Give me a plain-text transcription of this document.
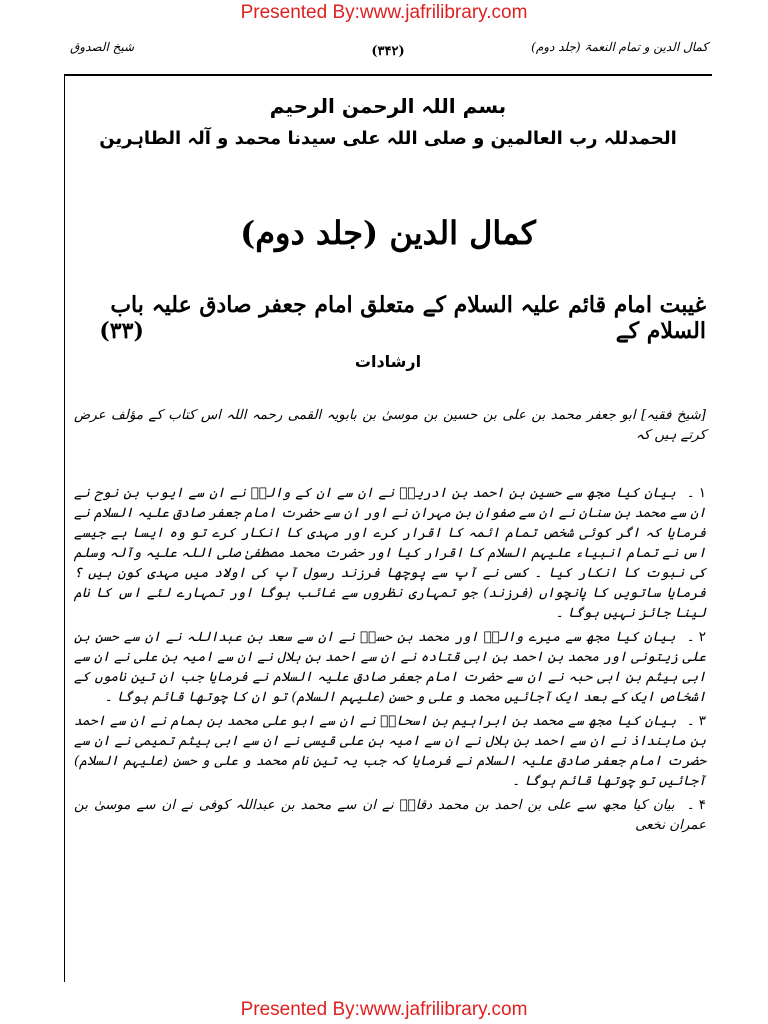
Presented By:www.jafrilibrary.com
کمال الدین و تمام النعمۃ (جلد دوم)
(۳۴۲)
شیخ الصدوق
بسم اللہ الرحمن الرحیم
الحمدللہ رب العالمین و صلی اللہ علی سیدنا محمد و آلہ الطاہرین
کمال الدین (جلد دوم)
غیبت امام قائم علیہ السلام کے متعلق امام جعفر صادق علیہ السلام کے
باب (۳۳)
ارشادات
[شیخ فقیہ] ابو جعفر محمد بن علی بن حسین بن موسیٰ بن بابویہ القمی رحمہ اللہ اس کتاب کے مؤلف عرض کرتے ہیں کہ
۱ ۔ بیان کیا مجھ سے حسین بن احمد بن ادریسؒ نے ان سے ان کے والدؒ نے ان سے ایوب بن نوح نے ان سے محمد بن سنان نے ان سے صفوان بن مہران نے اور ان سے حضرت امام جعفر صادق علیہ السلام نے فرمایا کہ اگر کوئی شخص تمام ائمہ کا اقرار کرے اور مہدی کا انکار کرے تو وہ ایسا ہے جیسے اس نے تمام انبیاء علیہم السلام کا اقرار کیا اور حضرت محمد مصطفیٰ صلی اللہ علیہ وآلہ وسلم کی نبوت کا انکار کیا ۔ کسی نے آپ سے پوچھا فرزند رسول آپ کی اولاد میں مہدی کون ہیں ؟ فرمایا ساتویں کا پانچواں (فرزند) جو تمہاری نظروں سے غائب ہوگا اور تمہارے لئے اس کا نام لینا جائز نہیں ہوگا ۔
۲ ۔ بیان کیا مجھ سے میرے والدؒ اور محمد بن حسنؒ نے ان سے سعد بن عبداللہ نے ان سے حسن بن علی زیتونی اور محمد بن احمد بن ابی قتادہ نے ان سے احمد بن ہلال نے ان سے امیہ بن علی نے ان سے ابی ہیثم بن ابی حبہ نے ان سے حضرت امام جعفر صادق علیہ السلام نے فرمایا جب ان تین ناموں کے اشخاص ایک کے بعد ایک آجائیں محمد و علی و حسن (علیہم السلام) تو ان کا چوتھا قائم ہوگا ۔
۳ ۔ بیان کیا مجھ سے محمد بن ابراہیم بن اسحاقؒ نے ان سے ابو علی محمد بن ہمام نے ان سے احمد بن مابنداذ نے ان سے احمد بن ہلال نے ان سے امیہ بن علی قیسی نے ان سے ابی ہیثم تمیمی نے ان سے حضرت امام جعفر صادق علیہ السلام نے فرمایا کہ جب یہ تین نام محمد و علی و حسن (علیہم السلام) آجائیں تو چوتھا قائم ہوگا ۔
۴ ۔ بیان کیا مجھ سے علی بن احمد بن محمد دقاقؒ نے ان سے محمد بن عبداللہ کوفی نے ان سے موسیٰ بن عمران نخعی
Presented By:www.jafrilibrary.com
